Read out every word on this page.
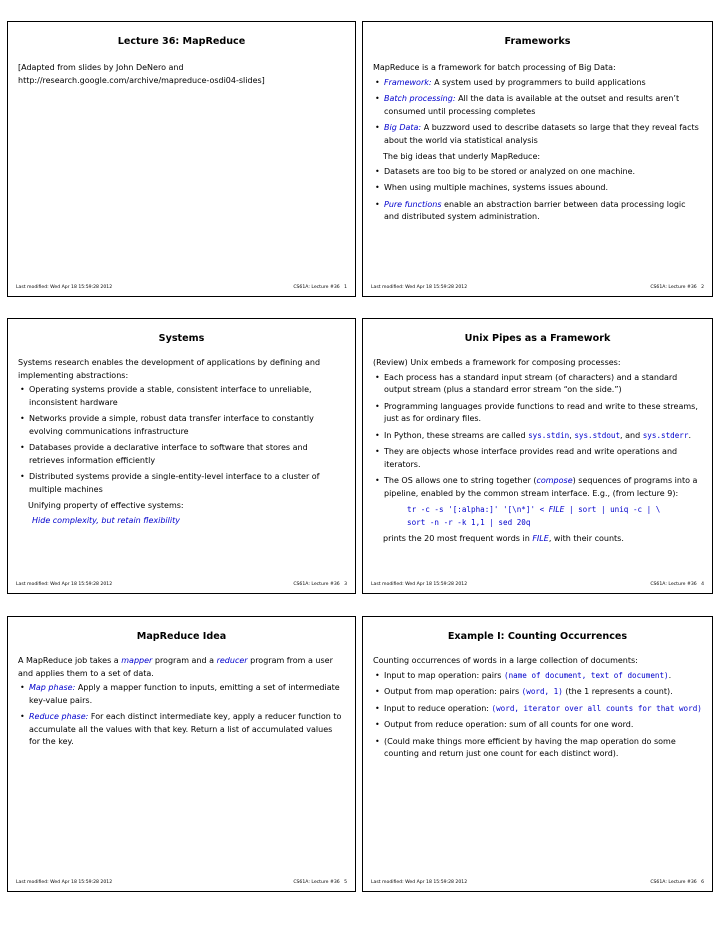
Lecture 36: MapReduce
[Adapted from slides by John DeNero and
http://research.google.com/archive/mapreduce-osdi04-slides]
Last modified: Wed Apr 18 15:59:28 2012	CS61A: Lecture #36 1
Frameworks

MapReduce is a framework for batch processing of Big Data:

• Framework: A system used by programmers to build applications
• Batch processing: All the data is available at the outset and results aren’t consumed until processing completes
• Big Data: A buzzword used to describe datasets so large that they reveal facts about the world via statistical analysis

The big ideas that underly MapReduce:

• Datasets are too big to be stored or analyzed on one machine.
• When using multiple machines, systems issues abound.
• Pure functions enable an abstraction barrier between data processing logic and distributed system administration.
Last modified: Wed Apr 18 15:59:28 2012	CS61A: Lecture #36 2
Systems

Systems research enables the development of applications by defining and implementing abstractions:

• Operating systems provide a stable, consistent interface to unreliable, inconsistent hardware
• Networks provide a simple, robust data transfer interface to constantly evolving communications infrastructure
• Databases provide a declarative interface to software that stores and retrieves information efficiently
• Distributed systems provide a single-entity-level interface to a cluster of multiple machines

Unifying property of effective systems:

Hide complexity, but retain flexibility

Last modified: Wed Apr 18 15:59:28 2012	CS61A: Lecture #36 3
Unix Pipes as a Framework

(Review) Unix embeds a framework for composing processes:

• Each process has a standard input stream (of characters) and a standard output stream (plus a standard error stream “on the side.”)
• Programming languages provide functions to read and write to these streams, just as for ordinary files.
• In Python, these streams are called sys.stdin, sys.stdout, and sys.stderr.
• They are objects whose interface provides read and write operations and iterators.
• The OS allows one to string together (compose) sequences of programs into a pipeline, enabled by the common stream interface. E.g., (from lecture 9):
tr -c -s '[:alpha:]' '[\n*]' < FILE | sort | uniq -c | \
sort -n -r -k 1,1 | sed 20q

prints the 20 most frequent words in FILE, with their counts.

Last modified: Wed Apr 18 15:59:28 2012	CS61A: Lecture #36 4
MapReduce Idea

A MapReduce job takes a mapper program and a reducer program from a user and applies them to a set of data.

• Map phase: Apply a mapper function to inputs, emitting a set of intermediate key-value pairs.
• Reduce phase: For each distinct intermediate key, apply a reducer function to accumulate all the values with that key. Return a list of accumulated values for the key.
Last modified: Wed Apr 18 15:59:28 2012	CS61A: Lecture #36 5
Example I: Counting Occurrences

Counting occurrences of words in a large collection of documents:

• Input to map operation: pairs (name of document, text of document).
• Output from map operation: pairs (word, 1) (the 1 represents a count).
• Input to reduce operation: (word, iterator over all counts for that word)
• Output from reduce operation: sum of all counts for one word.
• (Could make things more efficient by having the map operation do some counting and return just one count for each distinct word).
Last modified: Wed Apr 18 15:59:28 2012	CS61A: Lecture #36 6
